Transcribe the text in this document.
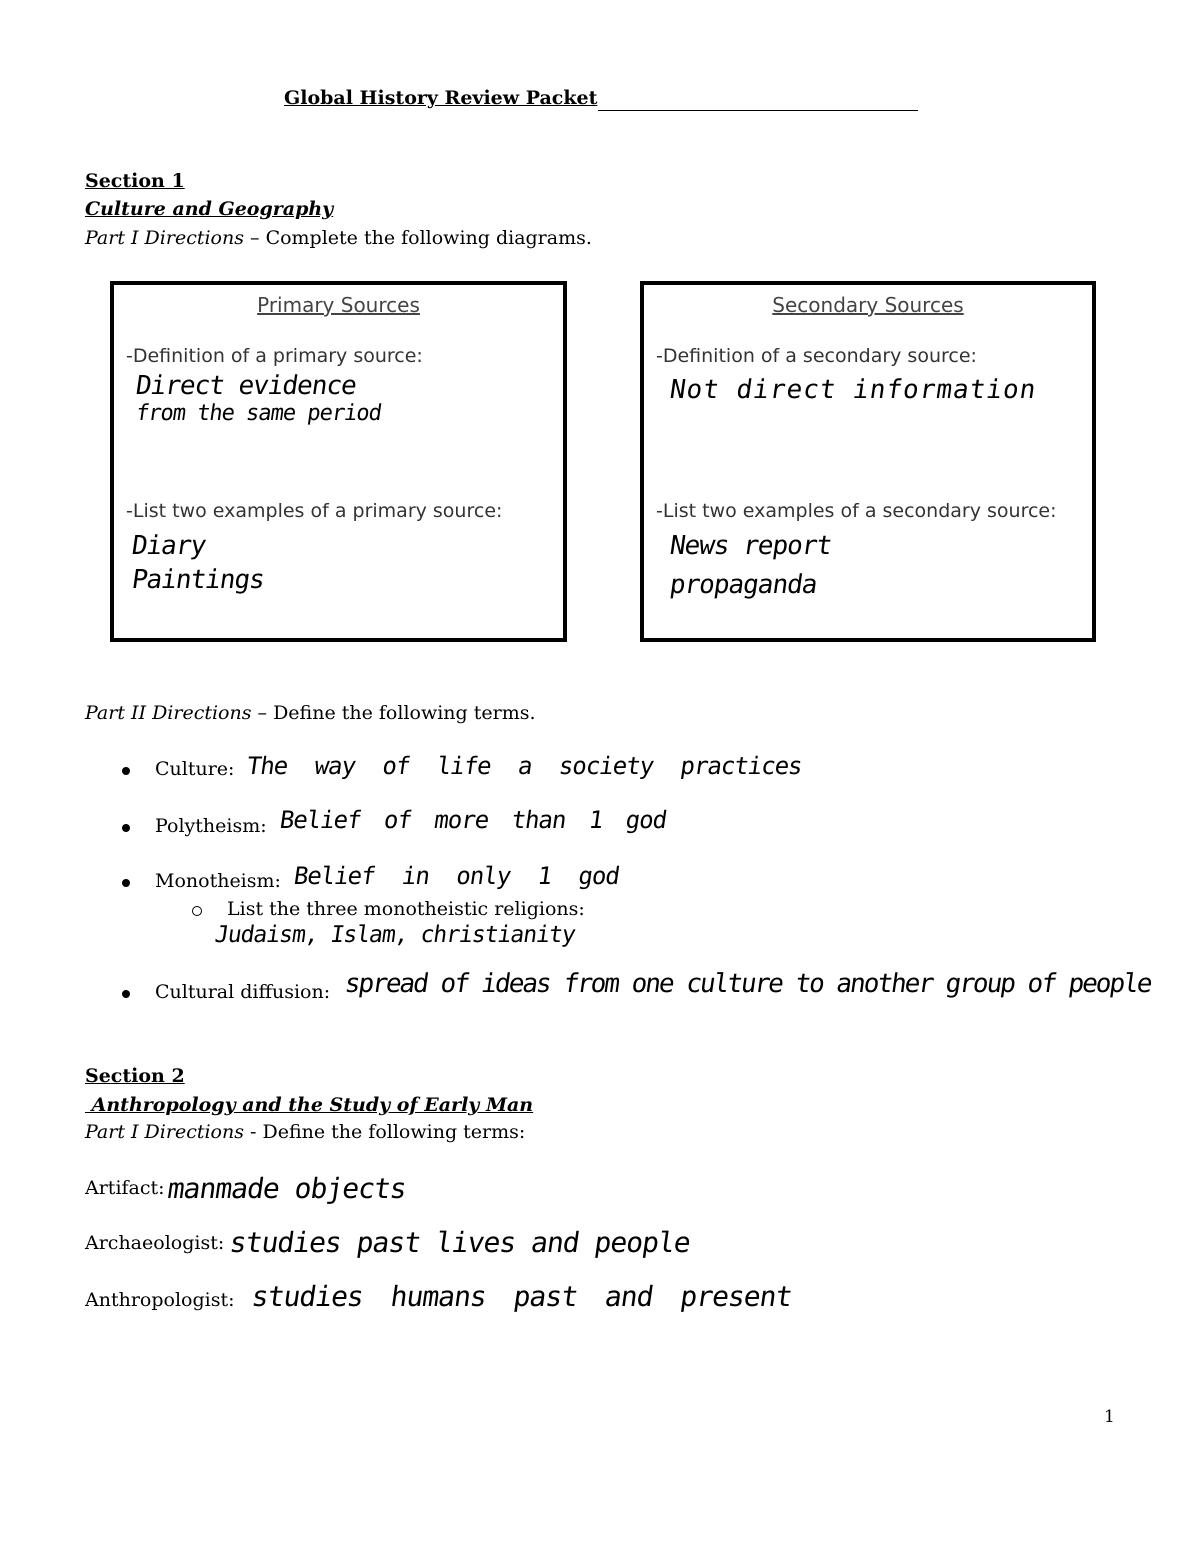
Global History Review Packet
Section 1
Culture and Geography
Part I Directions – Complete the following diagrams.
Primary Sources
-Definition of a primary source:
Direct evidence
from the same period
-List two examples of a primary source:
Diary
Paintings
Secondary Sources
-Definition of a secondary source:
Not direct information
-List two examples of a secondary source:
News report
propaganda
Part II Directions – Define the following terms.
Culture: The way of life a society practices
Polytheism: Belief of more than 1 god
Monotheism: Belief in only 1 god
List the three monotheistic religions:
Judaism, Islam, christianity
Cultural diffusion: spread of ideas from one culture to another group of people
Section 2
Anthropology and the Study of Early Man
Part I Directions - Define the following terms:
Artifact: manmade objects
Archaeologist: studies past lives and people
Anthropologist: studies humans past and present
1
